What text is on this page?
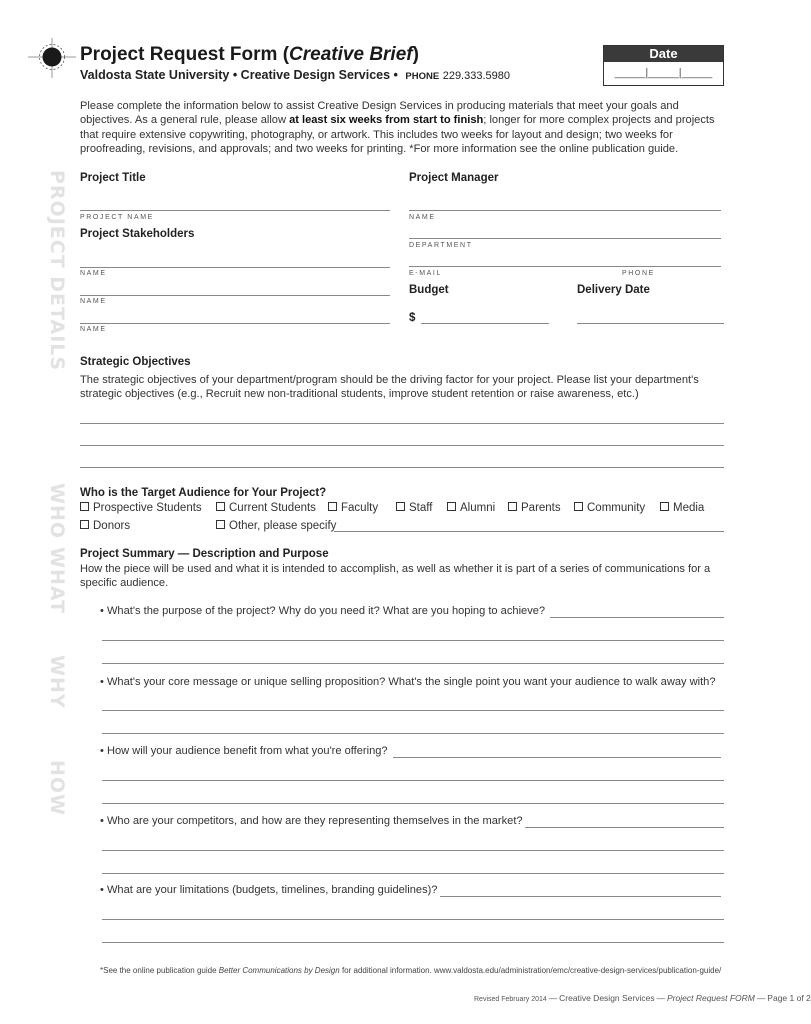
Project Request Form (Creative Brief)
Valdosta State University • Creative Design Services • PHONE 229.333.5980
Date
_____|_____|_____
Please complete the information below to assist Creative Design Services in producing materials that meet your goals and objectives. As a general rule, please allow at least six weeks from start to finish; longer for more complex projects and projects that require extensive copywriting, photography, or artwork. This includes two weeks for layout and design; two weeks for proofreading, revisions, and approvals; and two weeks for printing. *For more information see the online publication guide.
PROJECT DETAILS
WHO
WHAT
WHY
HOW
Project Title
PROJECT NAME
Project Stakeholders
NAME
NAME
NAME
Project Manager
NAME
DEPARTMENT
E-MAIL	PHONE
Budget
$
Delivery Date
Strategic Objectives
The strategic objectives of your department/program should be the driving factor for your project. Please list your department's strategic objectives (e.g., Recruit new non-traditional students, improve student retention or raise awareness, etc.)
Who is the Target Audience for Your Project?
Prospective Students	Current Students	Faculty	Staff	Alumni	Parents	Community	Media
Donors	Other, please specify
Project Summary — Description and Purpose
How the piece will be used and what it is intended to accomplish, as well as whether it is part of a series of communications for a specific audience.
• What's the purpose of the project? Why do you need it? What are you hoping to achieve?
• What's your core message or unique selling proposition? What's the single point you want your audience to walk away with?
• How will your audience benefit from what you're offering?
• Who are your competitors, and how are they representing themselves in the market?
• What are your limitations (budgets, timelines, branding guidelines)?
*See the online publication guide Better Communications by Design for additional information. www.valdosta.edu/administration/emc/creative-design-services/publication-guide/
Revised February 2014 — Creative Design Services — Project Request FORM — Page 1 of 2
